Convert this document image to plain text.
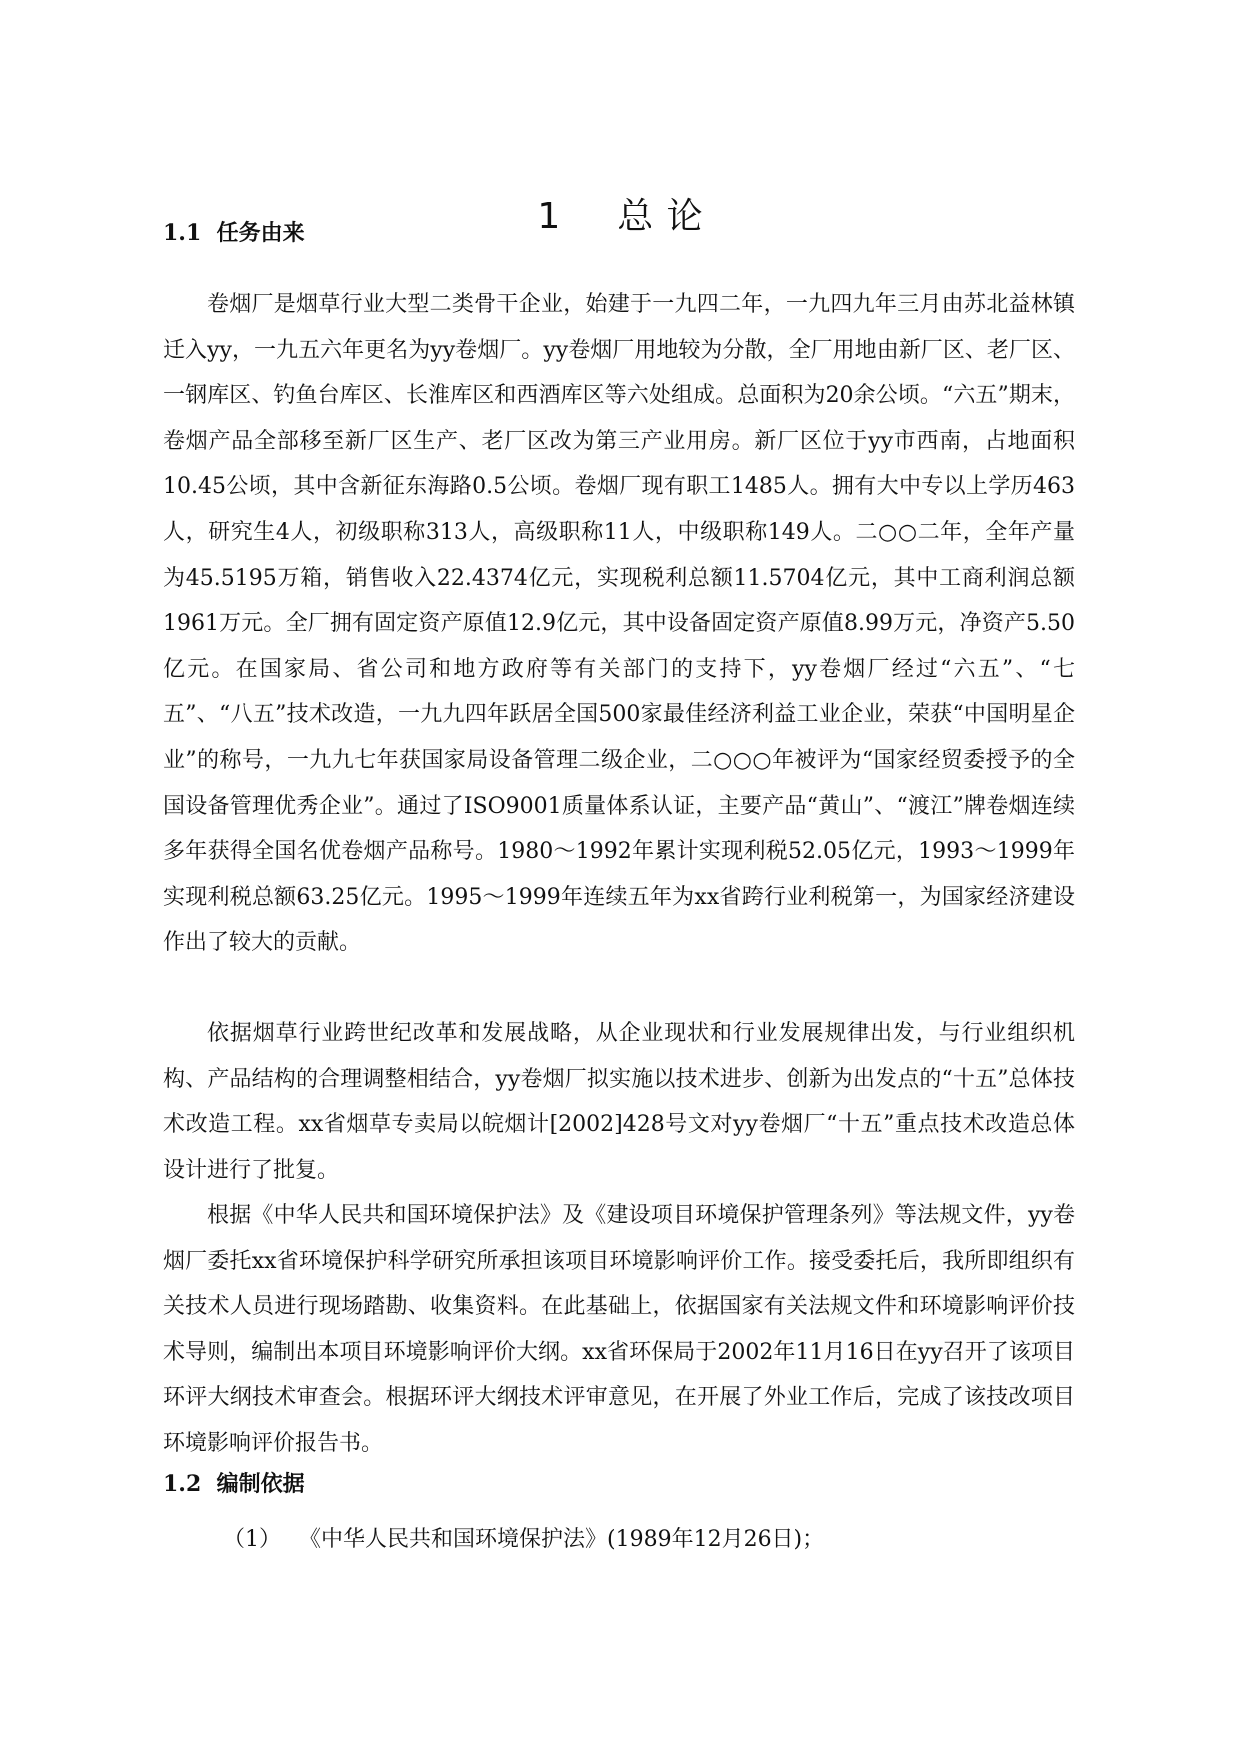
1 总 论
1.1 任务由来

卷烟厂是烟草行业大型二类骨干企业，始建于一九四二年，一九四九年三月由苏北益林镇迁入yy，一九五六年更名为yy卷烟厂。yy卷烟厂用地较为分散，全厂用地由新厂区、老厂区、一钢库区、钓鱼台库区、长淮库区和西酒库区等六处组成。总面积为20余公顷。“六五”期末，卷烟产品全部移至新厂区生产、老厂区改为第三产业用房。新厂区位于yy市西南，占地面积10.45公顷，其中含新征东海路0.5公顷。卷烟厂现有职工1485人。拥有大中专以上学历463人，研究生4人，初级职称313人，高级职称11人，中级职称149人。二○○二年，全年产量为45.5195万箱，销售收入22.4374亿元，实现税利总额11.5704亿元，其中工商利润总额1961万元。全厂拥有固定资产原值12.9亿元，其中设备固定资产原值8.99万元，净资产5.50亿元。在国家局、省公司和地方政府等有关部门的支持下，yy卷烟厂经过“六五”、“七五”、“八五”技术改造，一九九四年跃居全国500家最佳经济利益工业企业，荣获“中国明星企业”的称号，一九九七年获国家局设备管理二级企业，二○○○年被评为“国家经贸委授予的全国设备管理优秀企业”。通过了ISO9001质量体系认证，主要产品“黄山”、“渡江”牌卷烟连续多年获得全国名优卷烟产品称号。1980～1992年累计实现利税52.05亿元，1993～1999年实现利税总额63.25亿元。1995～1999年连续五年为xx省跨行业利税第一，为国家经济建设作出了较大的贡献。

依据烟草行业跨世纪改革和发展战略，从企业现状和行业发展规律出发，与行业组织机构、产品结构的合理调整相结合，yy卷烟厂拟实施以技术进步、创新为出发点的“十五”总体技术改造工程。xx省烟草专卖局以皖烟计[2002]428号文对yy卷烟厂“十五”重点技术改造总体设计进行了批复。

根据《中华人民共和国环境保护法》及《建设项目环境保护管理条列》等法规文件，yy卷烟厂委托xx省环境保护科学研究所承担该项目环境影响评价工作。接受委托后，我所即组织有关技术人员进行现场踏勘、收集资料。在此基础上，依据国家有关法规文件和环境影响评价技术导则，编制出本项目环境影响评价大纲。xx省环保局于2002年11月16日在yy召开了该项目环评大纲技术审查会。根据环评大纲技术评审意见，在开展了外业工作后，完成了该技改项目环境影响评价报告书。

1.2 编制依据

（1） 《中华人民共和国环境保护法》(1989年12月26日)；
